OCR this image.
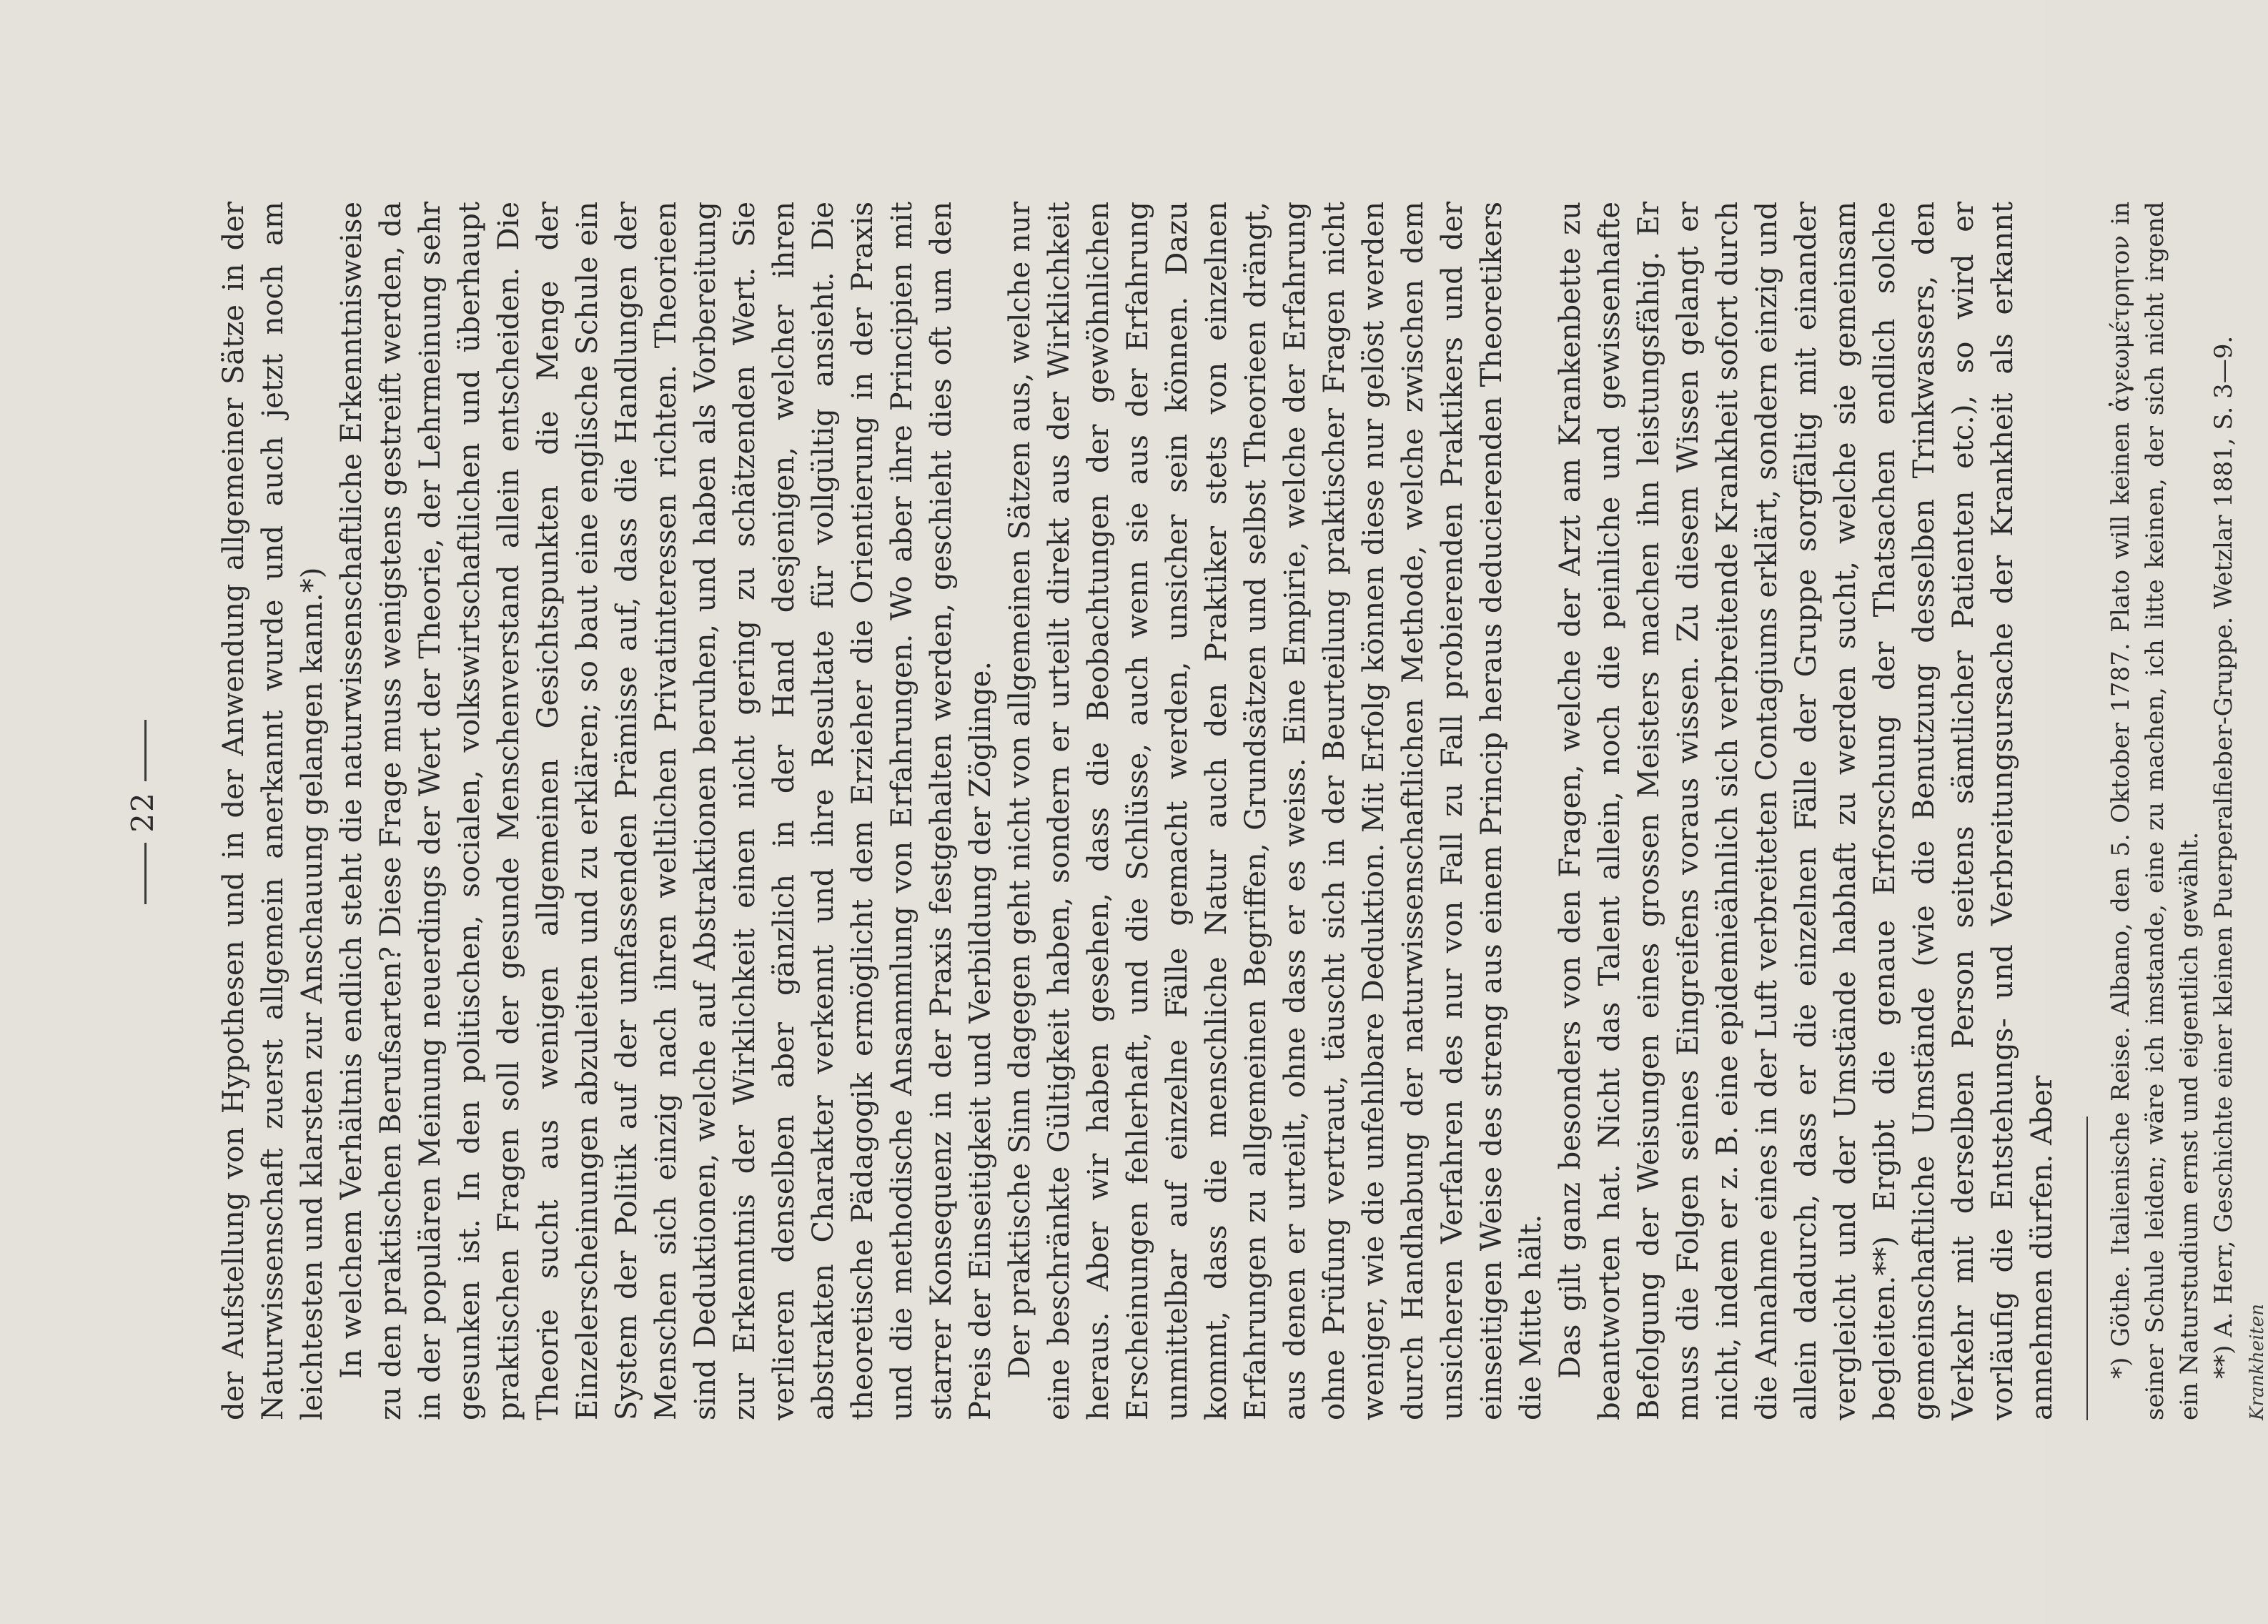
22 der Aufstellung von Hypothesen und in der Anwendung allgemeiner Sätze in der Naturwissenschaft zuerst allgemein anerkannt wurde und auch jetzt noch am leichtesten und klarsten zur Anschauung gelangen kann.*) In welchem Verhältnis endlich steht die naturwissenschaftliche Erkenntnisweise zu den praktischen Berufsarten? Diese Frage muss wenigstens gestreift werden, da in der populären Meinung neuerdings der Wert der Theorie, der Lehrmeinung sehr gesunken ist. In den politischen, socialen, volkswirtschaftlichen und überhaupt praktischen Fragen soll der gesunde Menschenverstand allein entscheiden. Die Theorie sucht aus wenigen allgemeinen Gesichtspunkten die Menge der Einzelerscheinungen abzuleiten und zu erklären; so baut eine englische Schule ein System der Politik auf der umfassenden Prämisse auf, dass die Handlungen der Menschen sich einzig nach ihren weltlichen Privatinteressen richten. Theorieen sind Deduktionen, welche auf Abstraktionen beruhen, und haben als Vorbereitung zur Erkenntnis der Wirklichkeit einen nicht gering zu schätzenden Wert. Sie verlieren denselben aber gänzlich in der Hand desjenigen, welcher ihren abstrakten Charakter verkennt und ihre Resultate für vollgültig ansieht. Die theoretische Pädagogik ermöglicht dem Erzieher die Orientierung in der Praxis und die methodische Ansammlung von Erfahrungen. Wo aber ihre Principien mit starrer Konsequenz in der Praxis festgehalten werden, geschieht dies oft um den Preis der Einseitigkeit und Verbildung der Zöglinge. Der praktische Sinn dagegen geht nicht von allgemeinen Sätzen aus, welche nur eine beschränkte Gültigkeit haben, sondern er urteilt direkt aus der Wirklichkeit heraus. Aber wir haben gesehen, dass die Beobachtungen der gewöhnlichen Erscheinungen fehlerhaft, und die Schlüsse, auch wenn sie aus der Erfahrung unmittelbar auf einzelne Fälle gemacht werden, unsicher sein können. Dazu kommt, dass die menschliche Natur auch den Praktiker stets von einzelnen Erfahrungen zu allgemeinen Begriffen, Grundsätzen und selbst Theorieen drängt, aus denen er urteilt, ohne dass er es weiss. Eine Empirie, welche der Erfahrung ohne Prüfung vertraut, täuscht sich in der Beurteilung praktischer Fragen nicht weniger, wie die unfehlbare Deduktion. Mit Erfolg können diese nur gelöst werden durch Handhabung der naturwissenschaftlichen Methode, welche zwischen dem unsicheren Verfahren des nur von Fall zu Fall probierenden Praktikers und der einseitigen Weise des streng aus einem Princip heraus deducierenden Theoretikers die Mitte hält. Das gilt ganz besonders von den Fragen, welche der Arzt am Krankenbette zu beantworten hat. Nicht das Talent allein, noch die peinliche und gewissenhafte Befolgung der Weisungen eines grossen Meisters machen ihn leistungsfähig. Er muss die Folgen seines Eingreifens voraus wissen. Zu diesem Wissen gelangt er nicht, indem er z. B. eine epidemieähnlich sich verbreitende Krankheit sofort durch die Annahme eines in der Luft verbreiteten Contagiums erklärt, sondern einzig und allein dadurch, dass er die einzelnen Fälle der Gruppe sorgfältig mit einander vergleicht und der Umstände habhaft zu werden sucht, welche sie gemeinsam begleiten.**) Ergibt die genaue Erforschung der Thatsachen endlich solche gemeinschaftliche Umstände (wie die Benutzung desselben Trinkwassers, den Verkehr mit derselben Person seitens sämtlicher Patienten etc.), so wird er vorläufig die Entstehungs- und Verbreitungsursache der Krankheit als erkannt annehmen dürfen. Aber *) Göthe. Italienische Reise. Albano, den 5. Oktober 1787. Plato will keinen ἀγεωμέτρητον in seiner Schule leiden; wäre ich imstande, eine zu machen, ich litte keinen, der sich nicht irgend ein Naturstudium ernst und eigentlich gewählt. **) A. Herr, Geschichte einer kleinen Puerperalfieber-Gruppe. Wetzlar 1881, S. 3—9. Krankheiten
